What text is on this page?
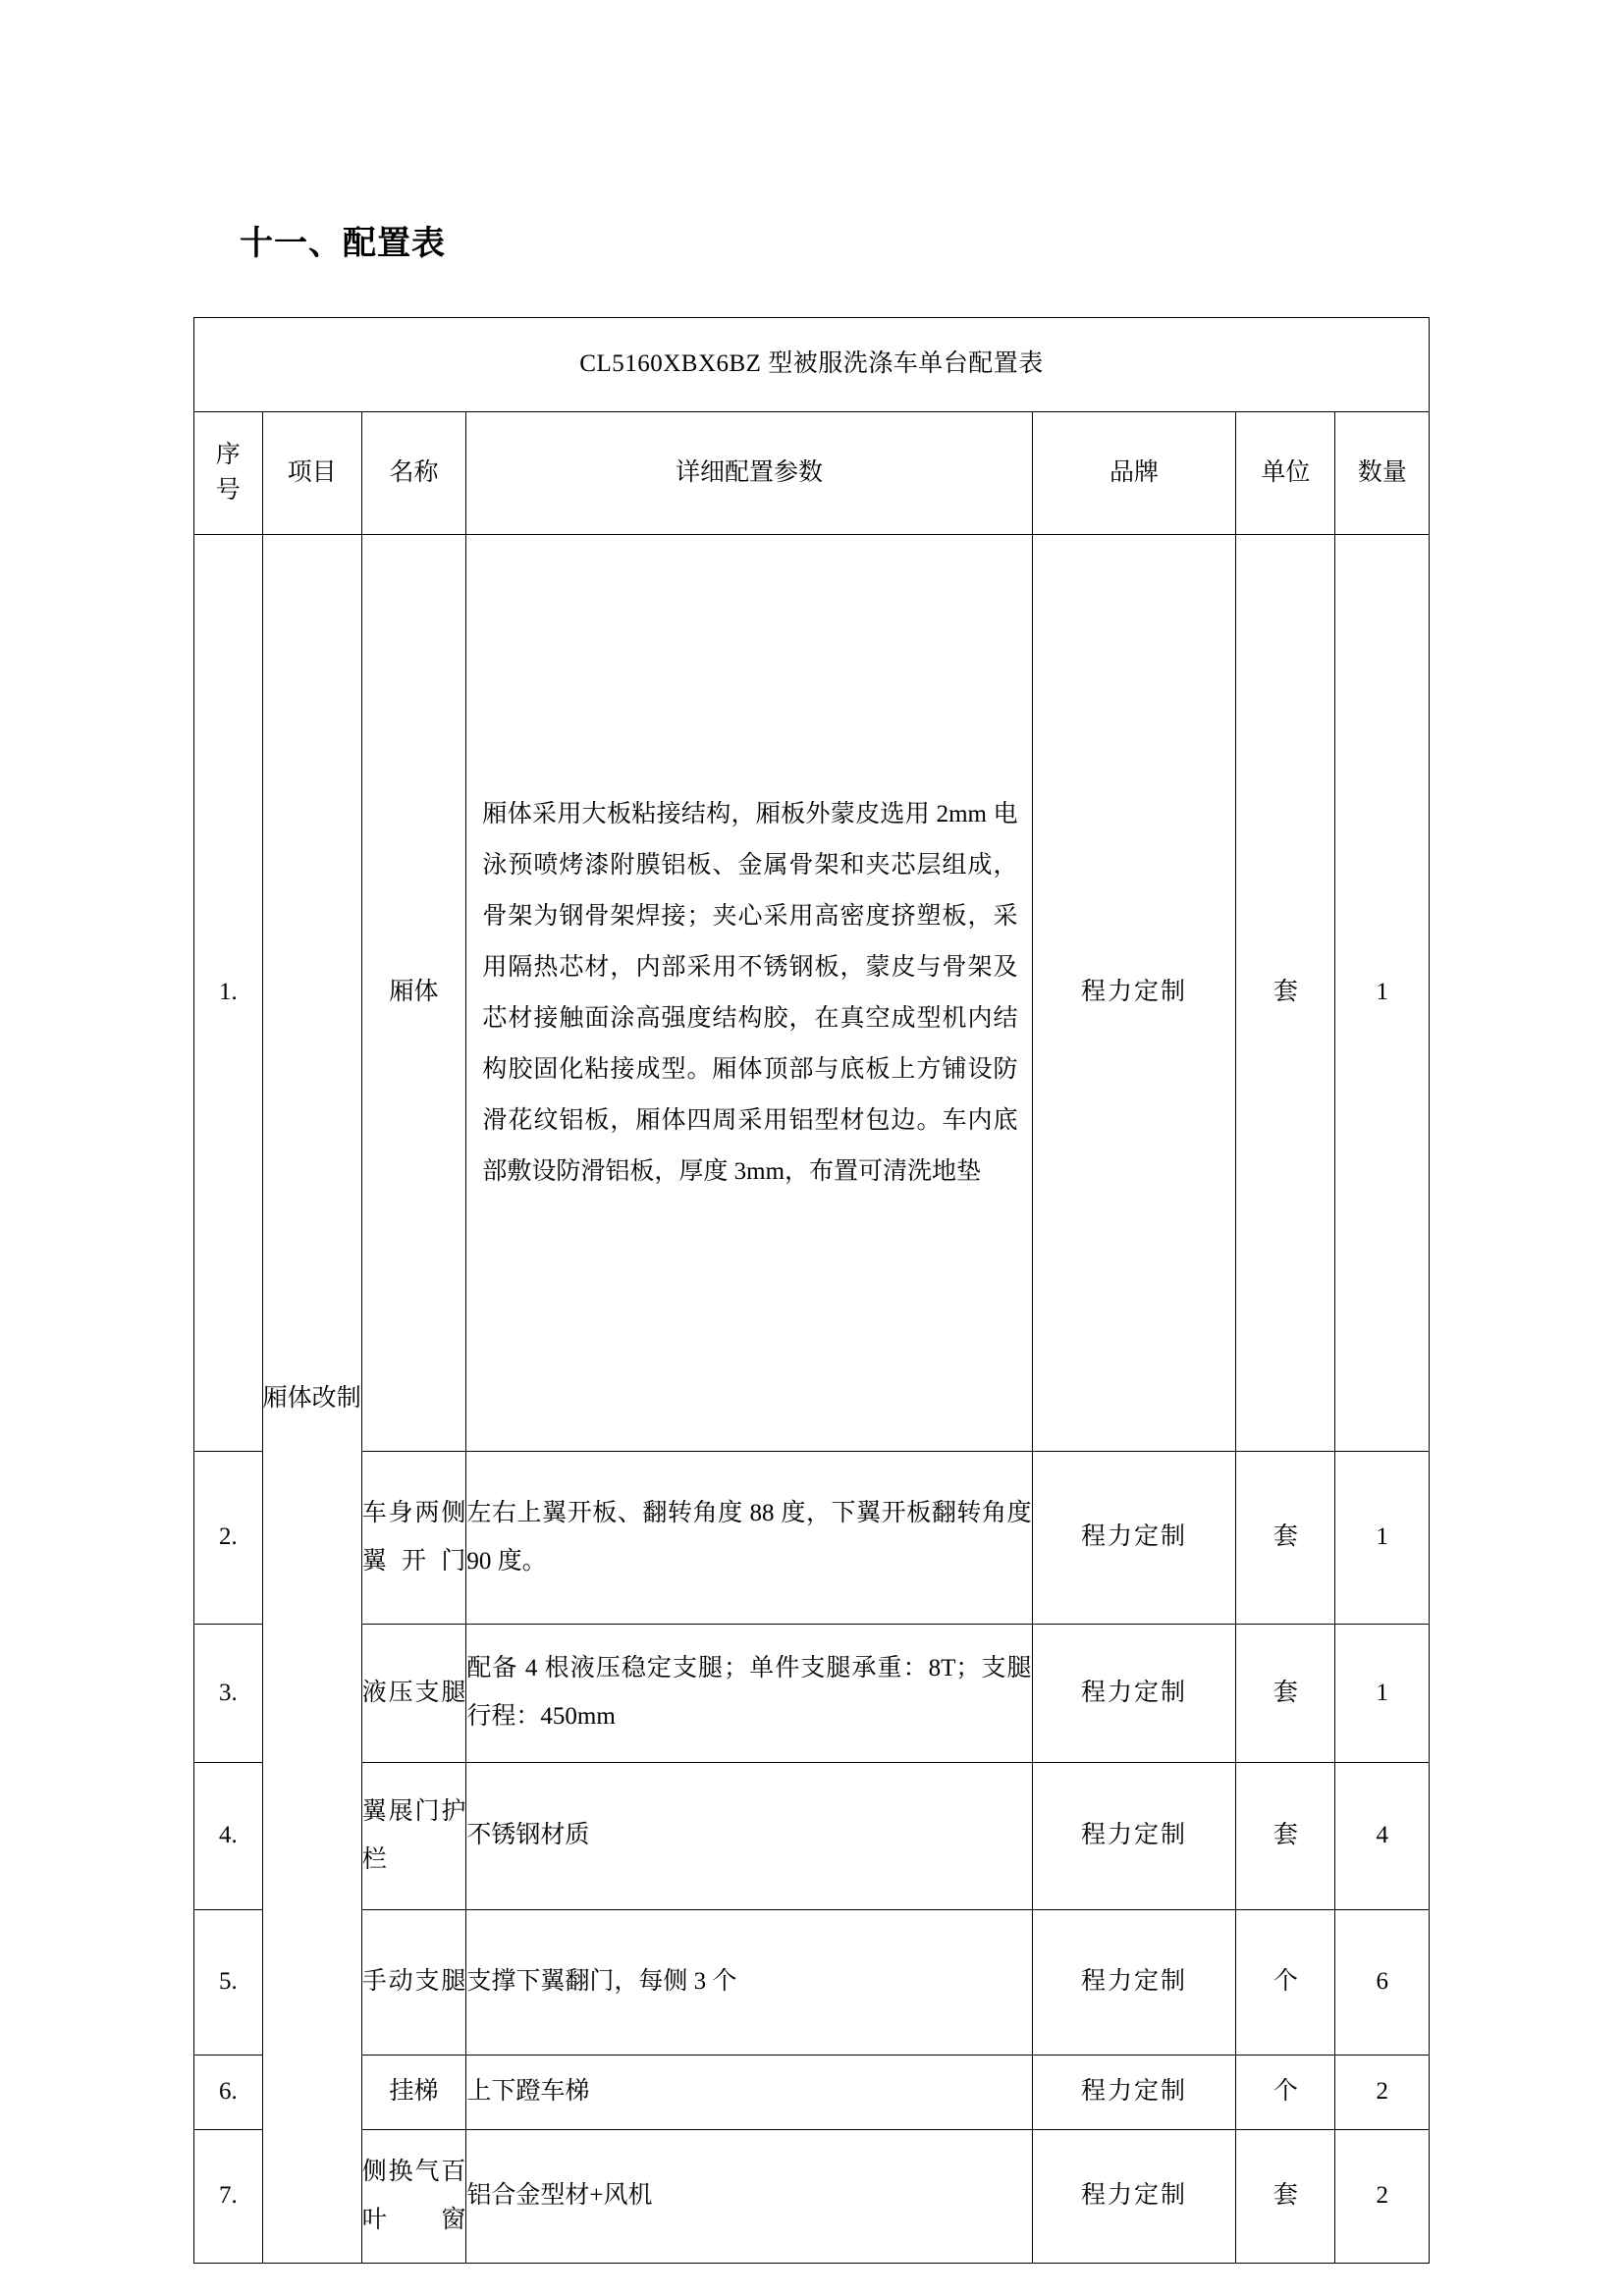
十一、配置表
CL5160XBX6BZ 型被服洗涤车单台配置表						
序号	项目	名称	详细配置参数	品牌	单位	数量
1.	厢体改制	厢体	厢体采用大板粘接结构，厢板外蒙皮选用 2mm 电泳预喷烤漆附膜铝板、金属骨架和夹芯层组成，骨架为钢骨架焊接；夹心采用高密度挤塑板，采用隔热芯材，内部采用不锈钢板，蒙皮与骨架及芯材接触面涂高强度结构胶，在真空成型机内结构胶固化粘接成型。厢体顶部与底板上方铺设防滑花纹铝板，厢体四周采用铝型材包边。车内底部敷设防滑铝板，厚度 3mm，布置可清洗地垫	程力定制	套	1
2.		车身两侧翼开门	左右上翼开板、翻转角度 88 度，下翼开板翻转角度 90 度。	程力定制	套	1
3.		液压支腿	配备 4 根液压稳定支腿；单件支腿承重：8T；支腿行程：450mm	程力定制	套	1
4.		翼展门护栏	不锈钢材质	程力定制	套	4
5.		手动支腿	支撑下翼翻门，每侧 3 个	程力定制	个	6
6.		挂梯	上下蹬车梯	程力定制	个	2
7.		侧换气百叶窗	铝合金型材+风机	程力定制	套	2
